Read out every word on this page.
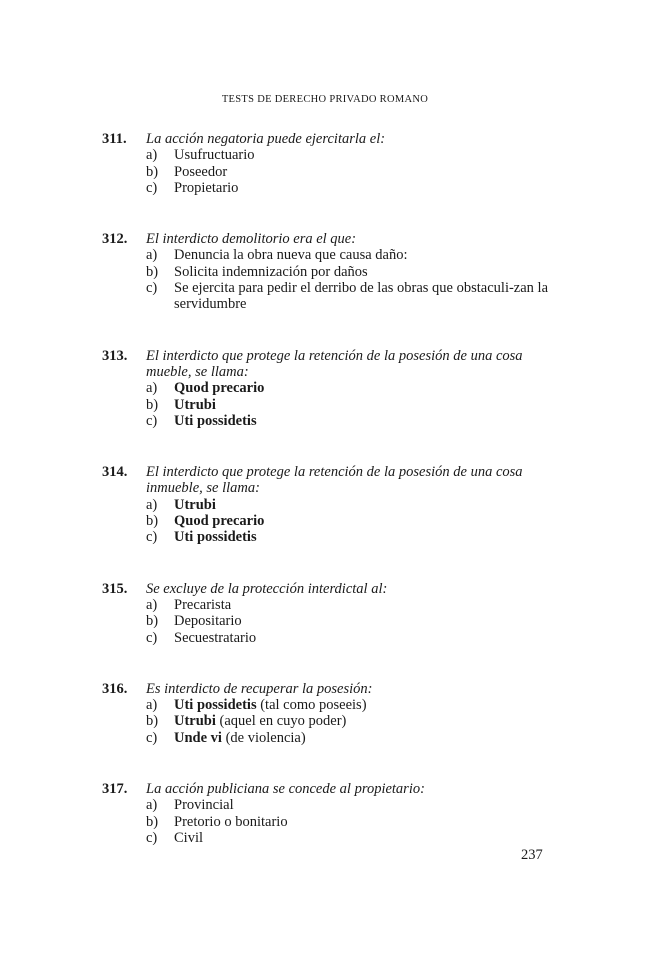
TESTS DE DERECHO PRIVADO ROMANO
311.	La acción negatoria puede ejercitarla el:
a)	Usufructuario
b)	Poseedor
c)	Propietario
312.	El interdicto demolitorio era el que:
a)	Denuncia la obra nueva que causa daño:
b)	Solicita indemnización por daños
c)	Se ejercita para pedir el derribo de las obras que obstaculi-zan la servidumbre
313.	El interdicto que protege la retención de la posesión de una cosa mueble, se llama:
a)	Quod precario
b)	Utrubi
c)	Uti possidetis
314.	El interdicto que protege la retención de la posesión de una cosa inmueble, se llama:
a)	Utrubi
b)	Quod precario
c)	Uti possidetis
315.	Se excluye de la protección interdictal al:
a)	Precarista
b)	Depositario
c)	Secuestratario
316.	Es interdicto de recuperar la posesión:
a)	Uti possidetis (tal como poseeis)
b)	Utrubi (aquel en cuyo poder)
c)	Unde vi (de violencia)
317.	La acción publiciana se concede al propietario:
a)	Provincial
b)	Pretorio o bonitario
c)	Civil
237
